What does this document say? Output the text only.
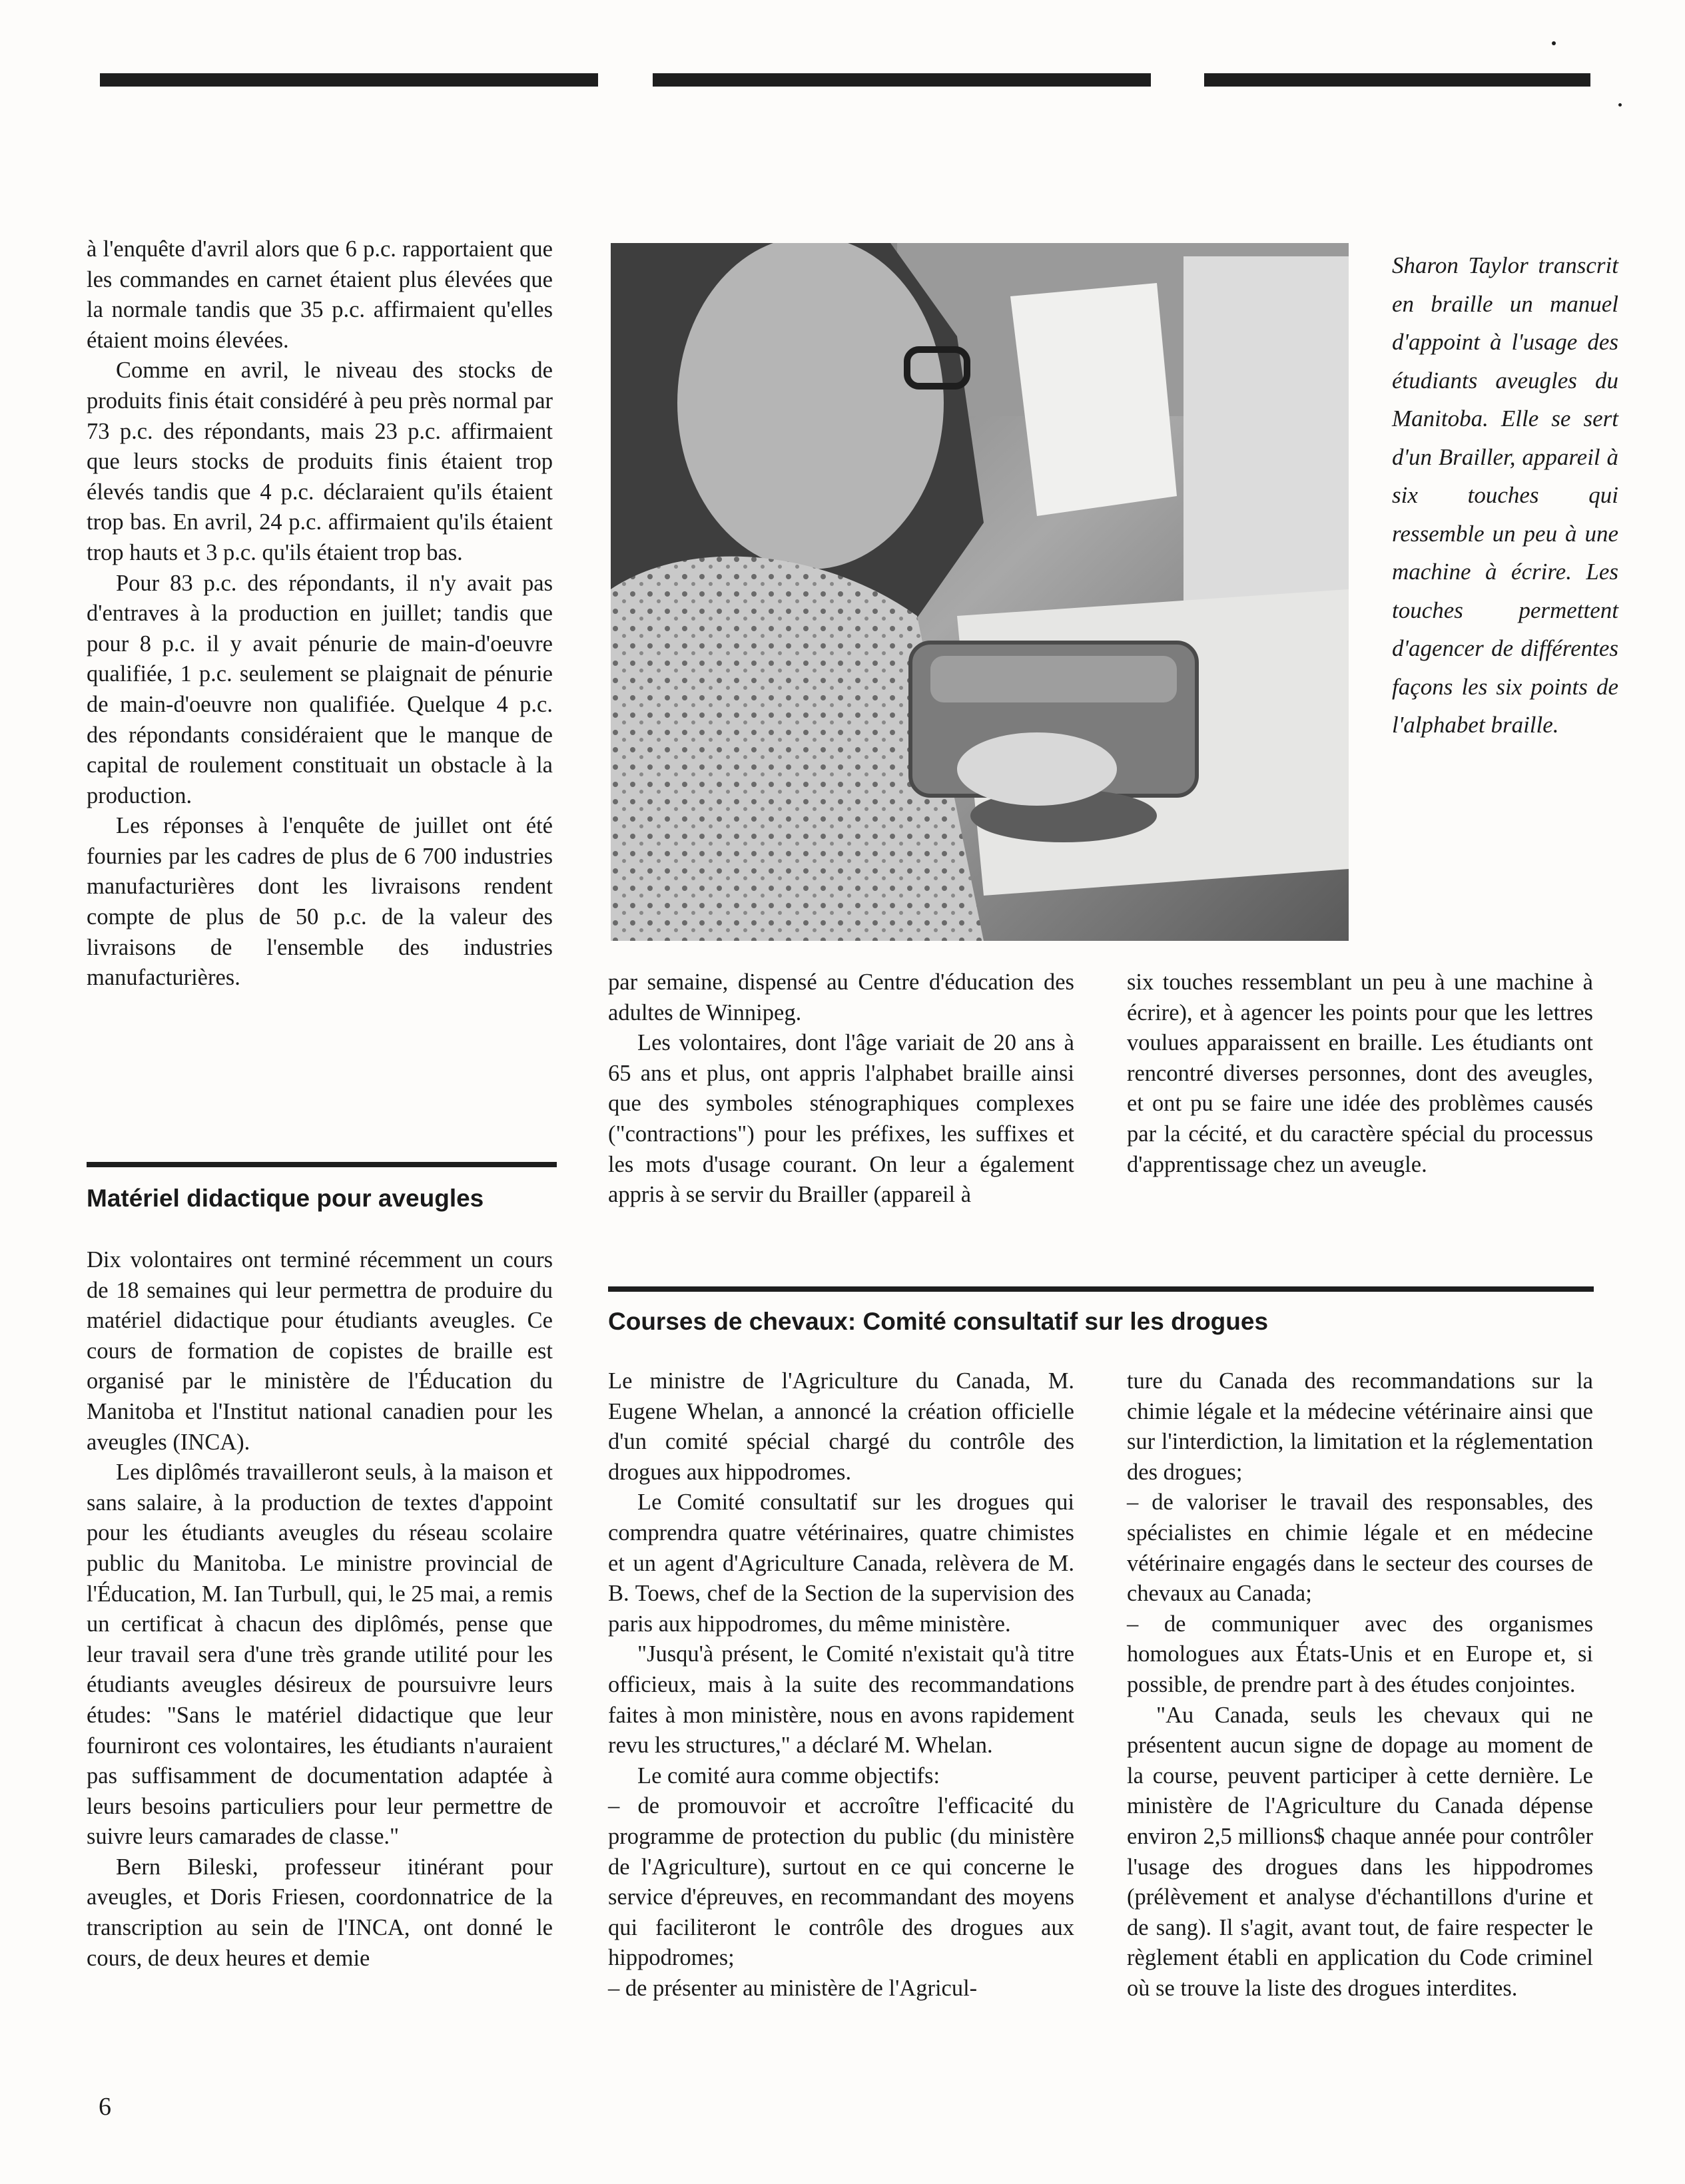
à l'enquête d'avril alors que 6 p.c. rapportaient que les commandes en carnet étaient plus élevées que la normale tandis que 35 p.c. affirmaient qu'elles étaient moins élevées.

Comme en avril, le niveau des stocks de produits finis était considéré à peu près normal par 73 p.c. des répondants, mais 23 p.c. affirmaient que leurs stocks de produits finis étaient trop élevés tandis que 4 p.c. déclaraient qu'ils étaient trop bas. En avril, 24 p.c. affirmaient qu'ils étaient trop hauts et 3 p.c. qu'ils étaient trop bas.

Pour 83 p.c. des répondants, il n'y avait pas d'entraves à la production en juillet; tandis que pour 8 p.c. il y avait pénurie de main-d'oeuvre qualifiée, 1 p.c. seulement se plaignait de pénurie de main-d'oeuvre non qualifiée. Quelque 4 p.c. des répondants considéraient que le manque de capital de roulement constituait un obstacle à la production.

Les réponses à l'enquête de juillet ont été fournies par les cadres de plus de 6 700 industries manufacturières dont les livraisons rendent compte de plus de 50 p.c. de la valeur des livraisons de l'ensemble des industries manufacturières.

Sharon Taylor transcrit en braille un manuel d'appoint à l'usage des étudiants aveugles du Manitoba. Elle se sert d'un Brailler, appareil à six touches qui ressemble un peu à une machine à écrire. Les touches permettent d'agencer de différentes façons les six points de l'alphabet braille.

Matériel didactique pour aveugles

Dix volontaires ont terminé récemment un cours de 18 semaines qui leur permettra de produire du matériel didactique pour étudiants aveugles. Ce cours de formation de copistes de braille est organisé par le ministère de l'Éducation du Manitoba et l'Institut national canadien pour les aveugles (INCA).

Les diplômés travailleront seuls, à la maison et sans salaire, à la production de textes d'appoint pour les étudiants aveugles du réseau scolaire public du Manitoba. Le ministre provincial de l'Éducation, M. Ian Turbull, qui, le 25 mai, a remis un certificat à chacun des diplômés, pense que leur travail sera d'une très grande utilité pour les étudiants aveugles désireux de poursuivre leurs études: "Sans le matériel didactique que leur fourniront ces volontaires, les étudiants n'auraient pas suffisamment de documentation adaptée à leurs besoins particuliers pour leur permettre de suivre leurs camarades de classe."

Bern Bileski, professeur itinérant pour aveugles, et Doris Friesen, coordonnatrice de la transcription au sein de l'INCA, ont donné le cours, de deux heures et demie

par semaine, dispensé au Centre d'éducation des adultes de Winnipeg.

Les volontaires, dont l'âge variait de 20 ans à 65 ans et plus, ont appris l'alphabet braille ainsi que des symboles sténographiques complexes ("contractions") pour les préfixes, les suffixes et les mots d'usage courant. On leur a également appris à se servir du Brailler (appareil à

six touches ressemblant un peu à une machine à écrire), et à agencer les points pour que les lettres voulues apparaissent en braille. Les étudiants ont rencontré diverses personnes, dont des aveugles, et ont pu se faire une idée des problèmes causés par la cécité, et du caractère spécial du processus d'apprentissage chez un aveugle.

Courses de chevaux: Comité consultatif sur les drogues

Le ministre de l'Agriculture du Canada, M. Eugene Whelan, a annoncé la création officielle d'un comité spécial chargé du contrôle des drogues aux hippodromes.

Le Comité consultatif sur les drogues qui comprendra quatre vétérinaires, quatre chimistes et un agent d'Agriculture Canada, relèvera de M. B. Toews, chef de la Section de la supervision des paris aux hippodromes, du même ministère.

"Jusqu'à présent, le Comité n'existait qu'à titre officieux, mais à la suite des recommandations faites à mon ministère, nous en avons rapidement revu les structures," a déclaré M. Whelan.

Le comité aura comme objectifs:

– de promouvoir et accroître l'efficacité du programme de protection du public (du ministère de l'Agriculture), surtout en ce qui concerne le service d'épreuves, en recommandant des moyens qui faciliteront le contrôle des drogues aux hippodromes;

– de présenter au ministère de l'Agricul-

ture du Canada des recommandations sur la chimie légale et la médecine vétérinaire ainsi que sur l'interdiction, la limitation et la réglementation des drogues;

– de valoriser le travail des responsables, des spécialistes en chimie légale et en médecine vétérinaire engagés dans le secteur des courses de chevaux au Canada;

– de communiquer avec des organismes homologues aux États-Unis et en Europe et, si possible, de prendre part à des études conjointes.

"Au Canada, seuls les chevaux qui ne présentent aucun signe de dopage au moment de la course, peuvent participer à cette dernière. Le ministère de l'Agriculture du Canada dépense environ 2,5 millions$ chaque année pour contrôler l'usage des drogues dans les hippodromes (prélèvement et analyse d'échantillons d'urine et de sang). Il s'agit, avant tout, de faire respecter le règlement établi en application du Code criminel où se trouve la liste des drogues interdites.

6
